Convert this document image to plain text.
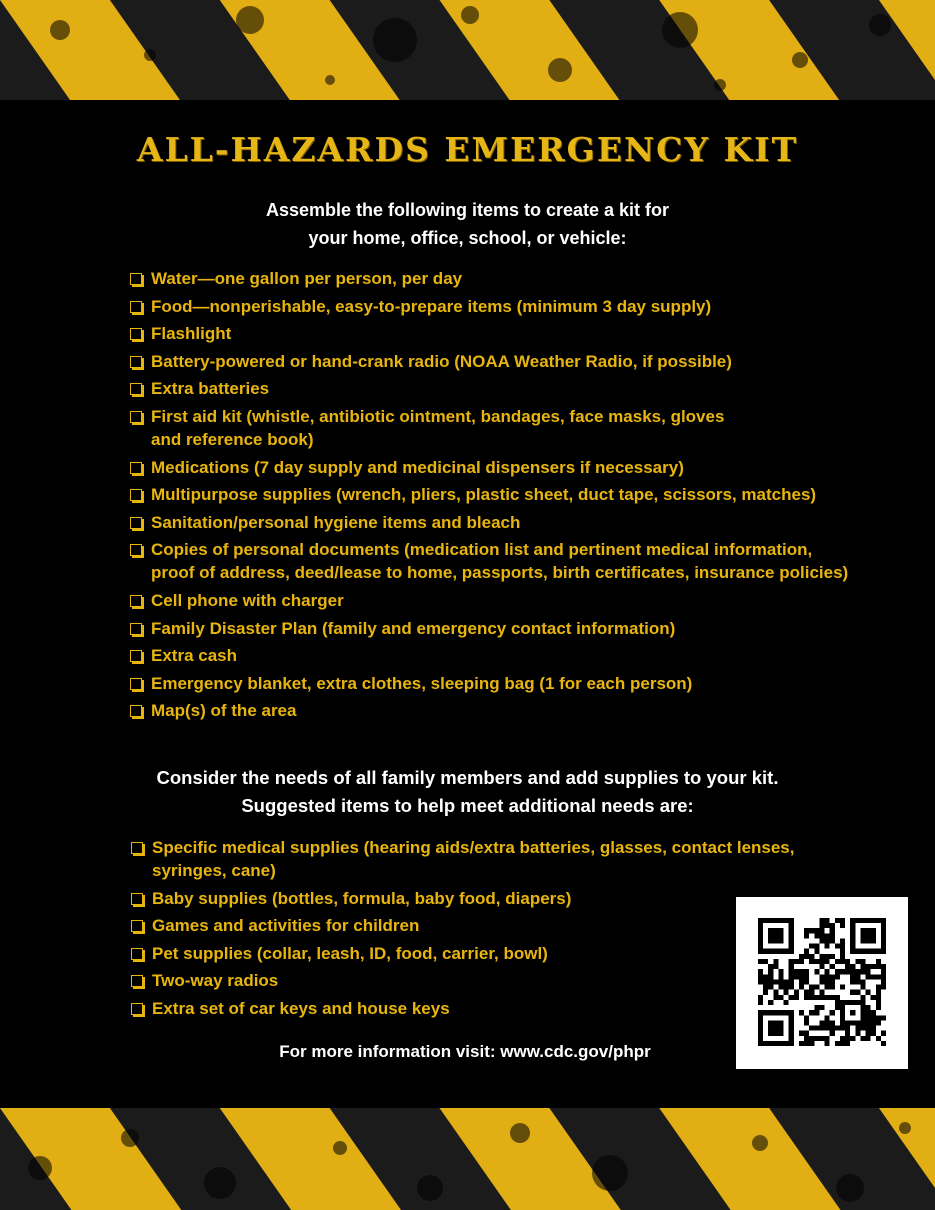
ALL-HAZARDS EMERGENCY KIT
Assemble the following items to create a kit for
your home, office, school, or vehicle:
Water—one gallon per person, per day
Food—nonperishable, easy-to-prepare items (minimum 3 day supply)
Flashlight
Battery-powered or hand-crank radio (NOAA Weather Radio, if possible)
Extra batteries
First aid kit (whistle, antibiotic ointment, bandages, face masks, gloves
and reference book)
Medications (7 day supply and medicinal dispensers if necessary)
Multipurpose supplies (wrench, pliers, plastic sheet, duct tape, scissors, matches)
Sanitation/personal hygiene items and bleach
Copies of personal documents (medication list and pertinent medical information,
proof of address, deed/lease to home, passports, birth certificates, insurance policies)
Cell phone with charger
Family Disaster Plan (family and emergency contact information)
Extra cash
Emergency blanket, extra clothes, sleeping bag (1 for each person)
Map(s) of the area
Consider the needs of all family members and add supplies to your kit.
Suggested items to help meet additional needs are:
Specific medical supplies (hearing aids/extra batteries, glasses, contact lenses,
syringes, cane)
Baby supplies (bottles, formula, baby food, diapers)
Games and activities for children
Pet supplies (collar, leash, ID, food, carrier, bowl)
Two-way radios
Extra set of car keys and house keys
For more information visit: www.cdc.gov/phpr
